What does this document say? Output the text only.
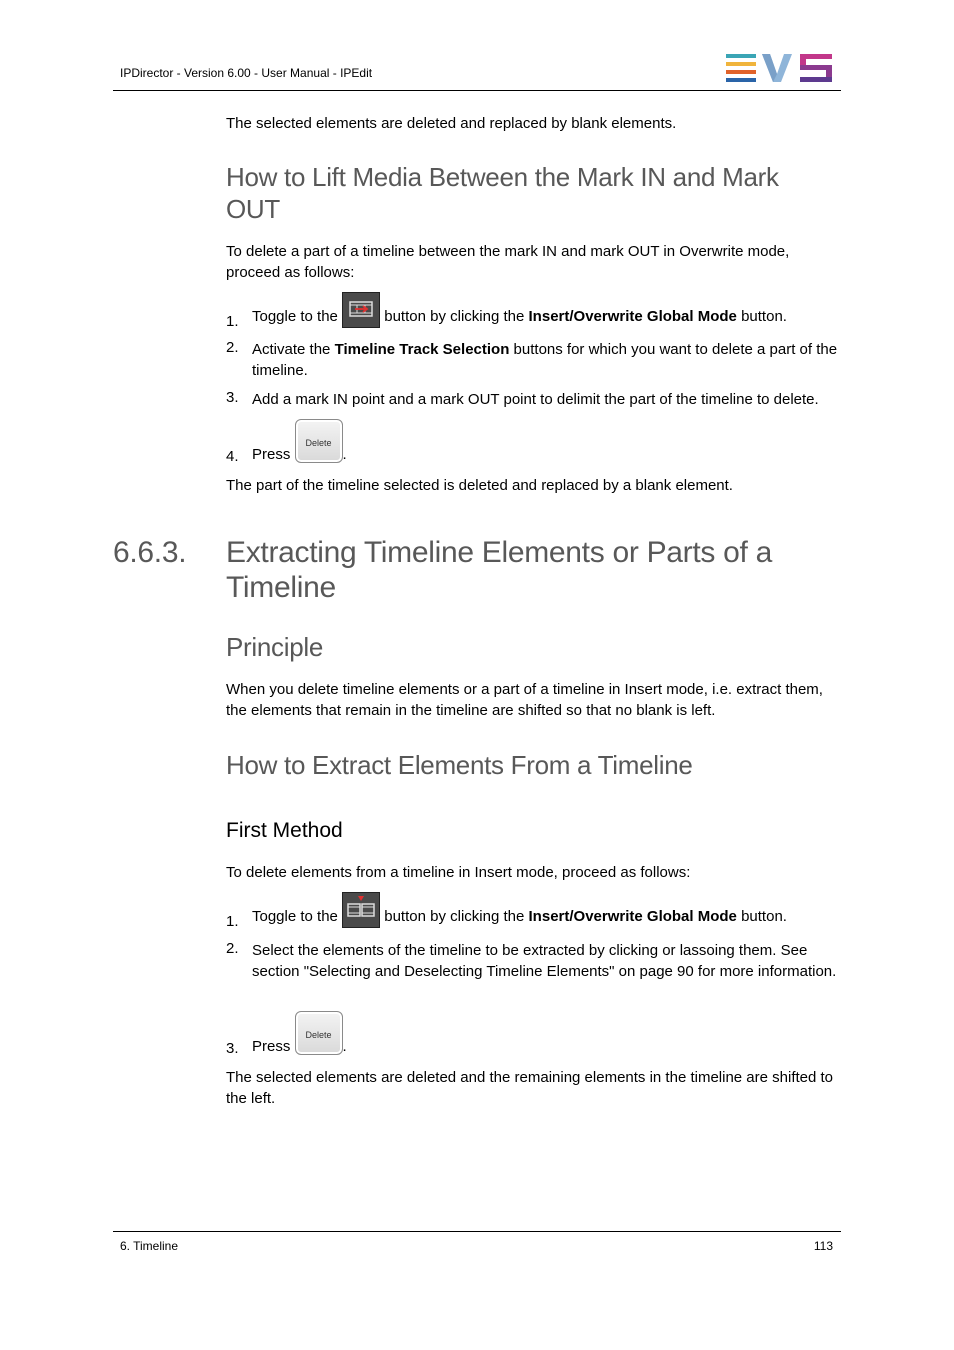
IPDirector - Version 6.00 - User Manual - IPEdit
The selected elements are deleted and replaced by blank elements.
How to Lift Media Between the Mark IN and Mark OUT
To delete a part of a timeline between the mark IN and mark OUT in Overwrite mode, proceed as follows:
1. Toggle to the	button by clicking the Insert/Overwrite Global Mode button.
2. Activate the Timeline Track Selection buttons for which you want to delete a part of the timeline.
3. Add a mark IN point and a mark OUT point to delimit the part of the timeline to delete.
4. Press
Delete
.
The part of the timeline selected is deleted and replaced by a blank element.
6.6.3. Extracting Timeline Elements or Parts of a Timeline
Principle
When you delete timeline elements or a part of a timeline in Insert mode, i.e. extract them, the elements that remain in the timeline are shifted so that no blank is left.
How to Extract Elements From a Timeline
First Method
To delete elements from a timeline in Insert mode, proceed as follows:
1. Toggle to the	button by clicking the Insert/Overwrite Global Mode button.
2. Select the elements of the timeline to be extracted by clicking or lassoing them. See section "Selecting and Deselecting Timeline Elements" on page 90 for more information.
3. Press
Delete
.
The selected elements are deleted and the remaining elements in the timeline are shifted to the left.
6. Timeline	113
